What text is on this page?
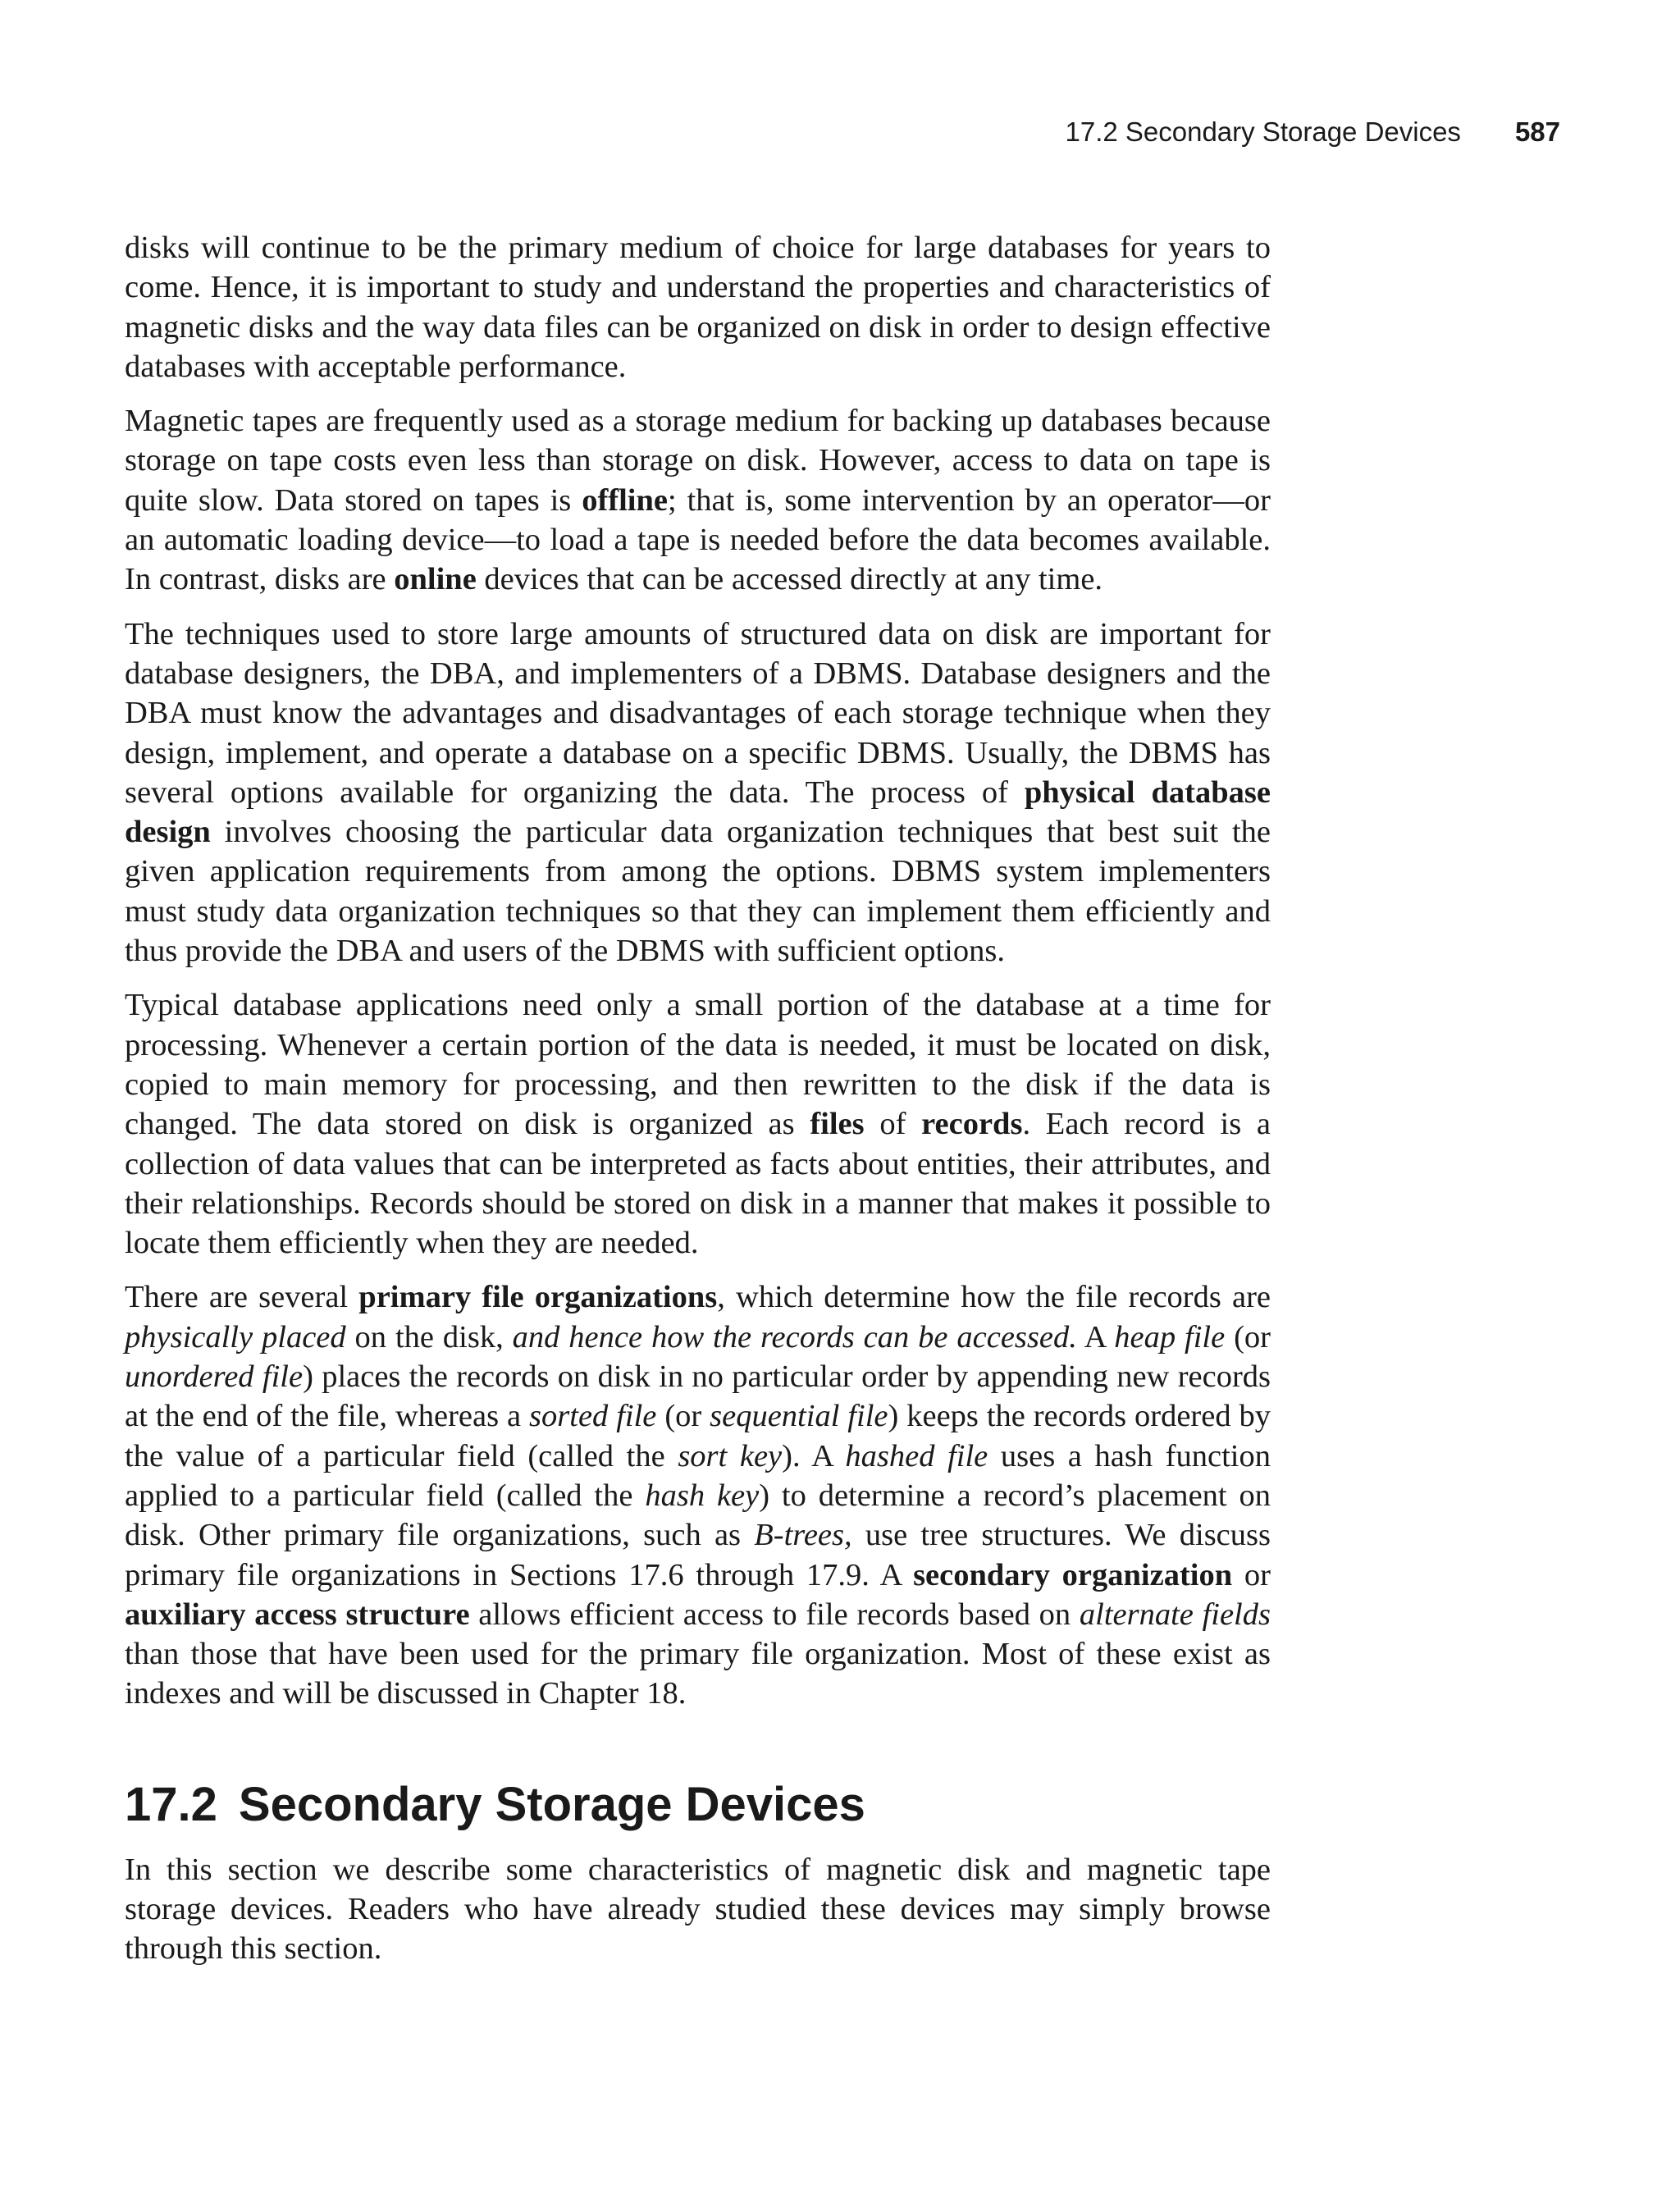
17.2 Secondary Storage Devices 587

disks will continue to be the primary medium of choice for large databases for years to come. Hence, it is important to study and understand the properties and characteristics of magnetic disks and the way data files can be organized on disk in order to design effective databases with acceptable performance.

Magnetic tapes are frequently used as a storage medium for backing up databases because storage on tape costs even less than storage on disk. However, access to data on tape is quite slow. Data stored on tapes is offline; that is, some intervention by an operator—or an automatic loading device—to load a tape is needed before the data becomes available. In contrast, disks are online devices that can be accessed directly at any time.

The techniques used to store large amounts of structured data on disk are important for database designers, the DBA, and implementers of a DBMS. Database designers and the DBA must know the advantages and disadvantages of each storage technique when they design, implement, and operate a database on a specific DBMS. Usually, the DBMS has several options available for organizing the data. The process of physical database design involves choosing the particular data organization techniques that best suit the given application requirements from among the options. DBMS system implementers must study data organization techniques so that they can implement them efficiently and thus provide the DBA and users of the DBMS with sufficient options.

Typical database applications need only a small portion of the database at a time for processing. Whenever a certain portion of the data is needed, it must be located on disk, copied to main memory for processing, and then rewritten to the disk if the data is changed. The data stored on disk is organized as files of records. Each record is a collection of data values that can be interpreted as facts about entities, their attributes, and their relationships. Records should be stored on disk in a manner that makes it possible to locate them efficiently when they are needed.

There are several primary file organizations, which determine how the file records are physically placed on the disk, and hence how the records can be accessed. A heap file (or unordered file) places the records on disk in no particular order by appending new records at the end of the file, whereas a sorted file (or sequential file) keeps the records ordered by the value of a particular field (called the sort key). A hashed file uses a hash function applied to a particular field (called the hash key) to determine a record’s placement on disk. Other primary file organizations, such as B-trees, use tree structures. We discuss primary file organizations in Sections 17.6 through 17.9. A secondary organization or auxiliary access structure allows efficient access to file records based on alternate fields than those that have been used for the primary file organization. Most of these exist as indexes and will be discussed in Chapter 18.

17.2 Secondary Storage Devices

In this section we describe some characteristics of magnetic disk and magnetic tape storage devices. Readers who have already studied these devices may simply browse through this section.
